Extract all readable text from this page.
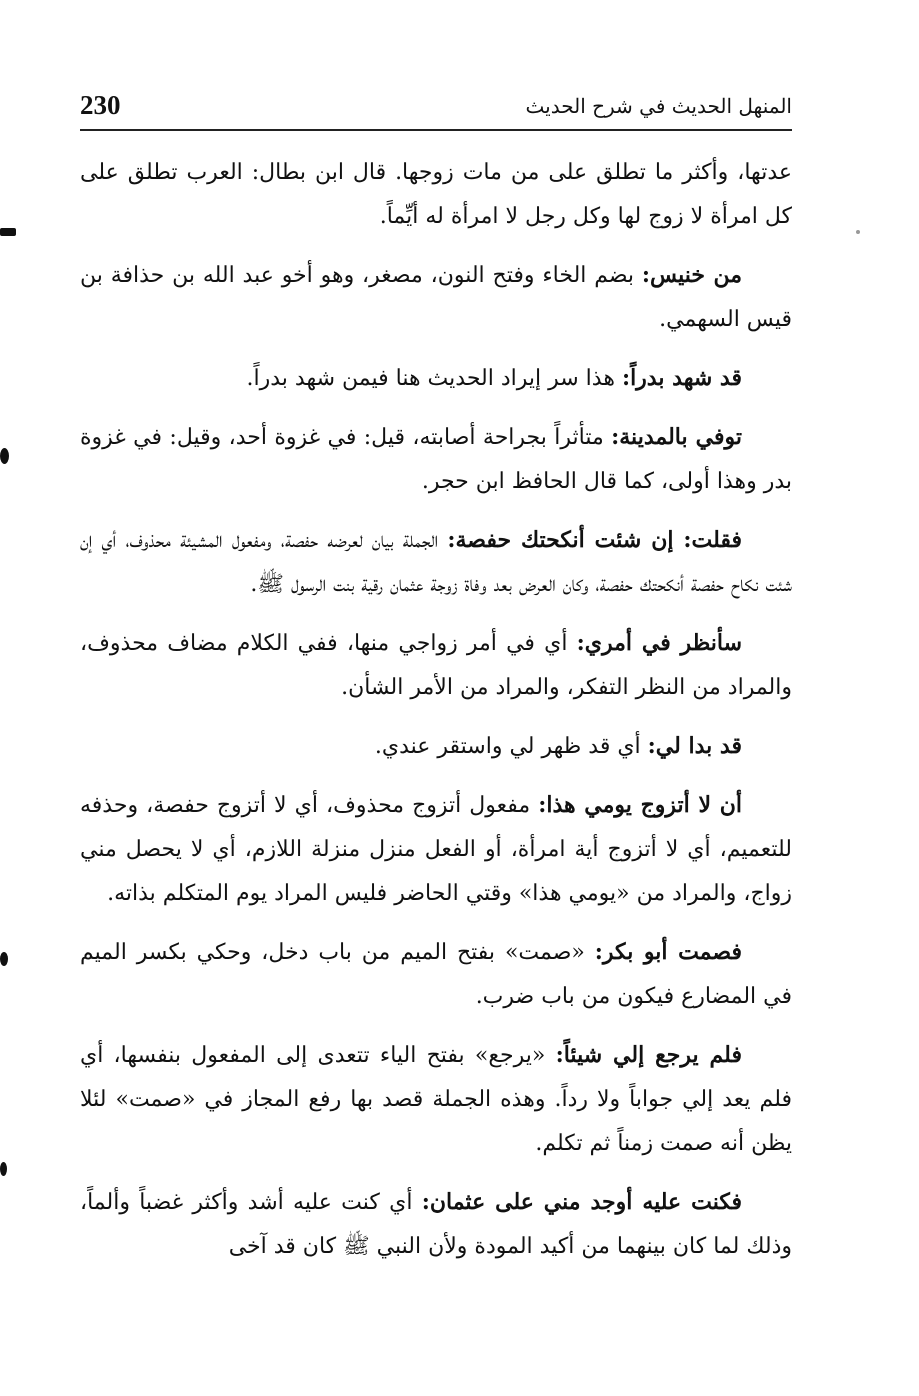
230	المنهل الحديث في شرح الحديث

عدتها، وأكثر ما تطلق على من مات زوجها. قال ابن بطال: العرب تطلق على كل امرأة لا زوج لها وكل رجل لا امرأة له أيِّماً.

من خنيس: بضم الخاء وفتح النون، مصغر، وهو أخو عبد الله بن حذافة بن قيس السهمي.

قد شهد بدراً: هذا سر إيراد الحديث هنا فيمن شهد بدراً.

توفي بالمدينة: متأثراً بجراحة أصابته، قيل: في غزوة أحد، وقيل: في غزوة بدر وهذا أولى، كما قال الحافظ ابن حجر.

فقلت: إن شئت أنكحتك حفصة: الجملة بيان لعرضه حفصة، ومفعول المشيئة محذوف، أي إن شئت نكاح حفصة أنكحتك حفصة، وكان العرض بعد وفاة زوجة عثمان رقية بنت الرسول ﷺ.

سأنظر في أمري: أي في أمر زواجي منها، ففي الكلام مضاف محذوف، والمراد من النظر التفكر، والمراد من الأمر الشأن.

قد بدا لي: أي قد ظهر لي واستقر عندي.

أن لا أتزوج يومي هذا: مفعول أتزوج محذوف، أي لا أتزوج حفصة، وحذفه للتعميم، أي لا أتزوج أية امرأة، أو الفعل منزل منزلة اللازم، أي لا يحصل مني زواج، والمراد من «يومي هذا» وقتي الحاضر فليس المراد يوم المتكلم بذاته.

فصمت أبو بكر: «صمت» بفتح الميم من باب دخل، وحكي بكسر الميم في المضارع فيكون من باب ضرب.

فلم يرجع إلي شيئاً: «يرجع» بفتح الياء تتعدى إلى المفعول بنفسها، أي فلم يعد إلي جواباً ولا رداً. وهذه الجملة قصد بها رفع المجاز في «صمت» لئلا يظن أنه صمت زمناً ثم تكلم.

فكنت عليه أوجد مني على عثمان: أي كنت عليه أشد وأكثر غضباً وألماً، وذلك لما كان بينهما من أكيد المودة ولأن النبي ﷺ كان قد آخى
